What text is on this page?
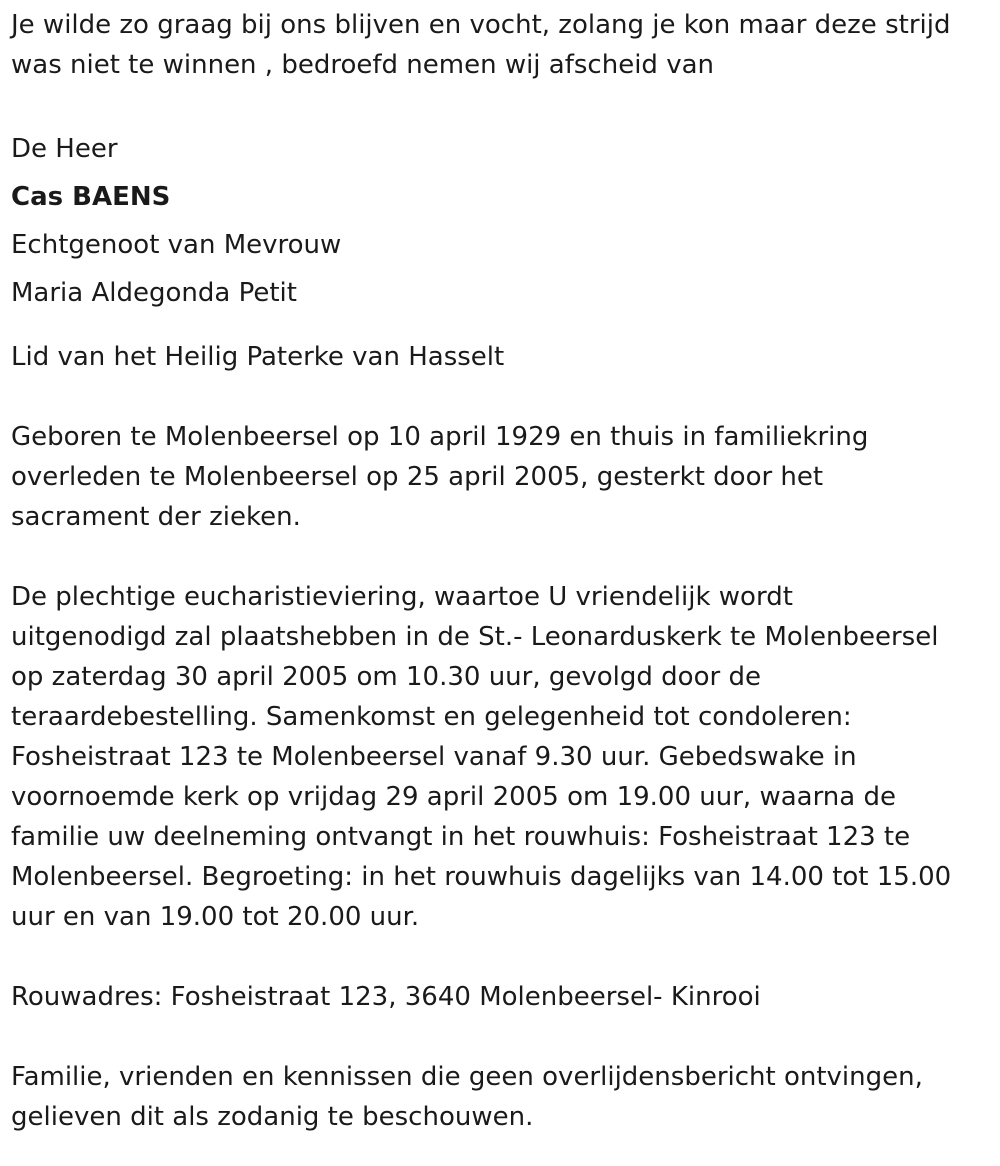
Je wilde zo graag bij ons blijven en vocht, zolang je kon maar deze strijd
was niet te winnen , bedroefd nemen wij afscheid van

De Heer

Cas BAENS

Echtgenoot van Mevrouw

Maria Aldegonda Petit

Lid van het Heilig Paterke van Hasselt

Geboren te Molenbeersel op 10 april 1929 en thuis in familiekring
overleden te Molenbeersel op 25 april 2005, gesterkt door het
sacrament der zieken.

De plechtige eucharistieviering, waartoe U vriendelijk wordt
uitgenodigd zal plaatshebben in de St.- Leonarduskerk te Molenbeersel
op zaterdag 30 april 2005 om 10.30 uur, gevolgd door de
teraardebestelling. Samenkomst en gelegenheid tot condoleren:
Fosheistraat 123 te Molenbeersel vanaf 9.30 uur. Gebedswake in
voornoemde kerk op vrijdag 29 april 2005 om 19.00 uur, waarna de
familie uw deelneming ontvangt in het rouwhuis: Fosheistraat 123 te
Molenbeersel. Begroeting: in het rouwhuis dagelijks van 14.00 tot 15.00
uur en van 19.00 tot 20.00 uur.

Rouwadres: Fosheistraat 123, 3640 Molenbeersel- Kinrooi

Familie, vrienden en kennissen die geen overlijdensbericht ontvingen,
gelieven dit als zodanig te beschouwen.
